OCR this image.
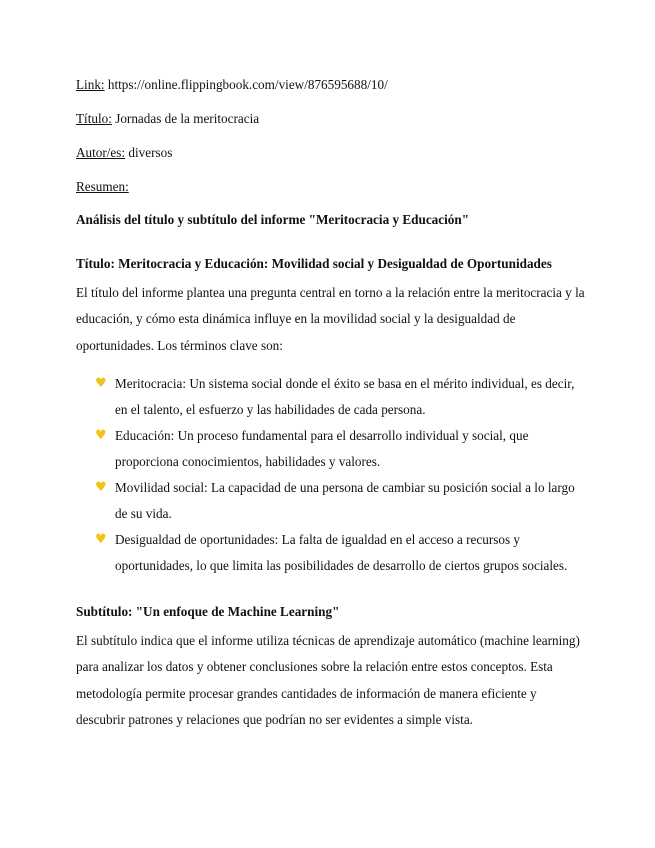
Link: https://online.flippingbook.com/view/876595688/10/
Título: Jornadas de la meritocracia
Autor/es: diversos
Resumen:
Análisis del título y subtítulo del informe "Meritocracia y Educación"
Título: Meritocracia y Educación: Movilidad social y Desigualdad de Oportunidades
El título del informe plantea una pregunta central en torno a la relación entre la meritocracia y la educación, y cómo esta dinámica influye en la movilidad social y la desigualdad de oportunidades. Los términos clave son:
♥ Meritocracia: Un sistema social donde el éxito se basa en el mérito individual, es decir, en el talento, el esfuerzo y las habilidades de cada persona.
♥ Educación: Un proceso fundamental para el desarrollo individual y social, que proporciona conocimientos, habilidades y valores.
♥ Movilidad social: La capacidad de una persona de cambiar su posición social a lo largo de su vida.
♥ Desigualdad de oportunidades: La falta de igualdad en el acceso a recursos y oportunidades, lo que limita las posibilidades de desarrollo de ciertos grupos sociales.
Subtítulo: "Un enfoque de Machine Learning"
El subtítulo indica que el informe utiliza técnicas de aprendizaje automático (machine learning) para analizar los datos y obtener conclusiones sobre la relación entre estos conceptos. Esta metodología permite procesar grandes cantidades de información de manera eficiente y descubrir patrones y relaciones que podrían no ser evidentes a simple vista.
